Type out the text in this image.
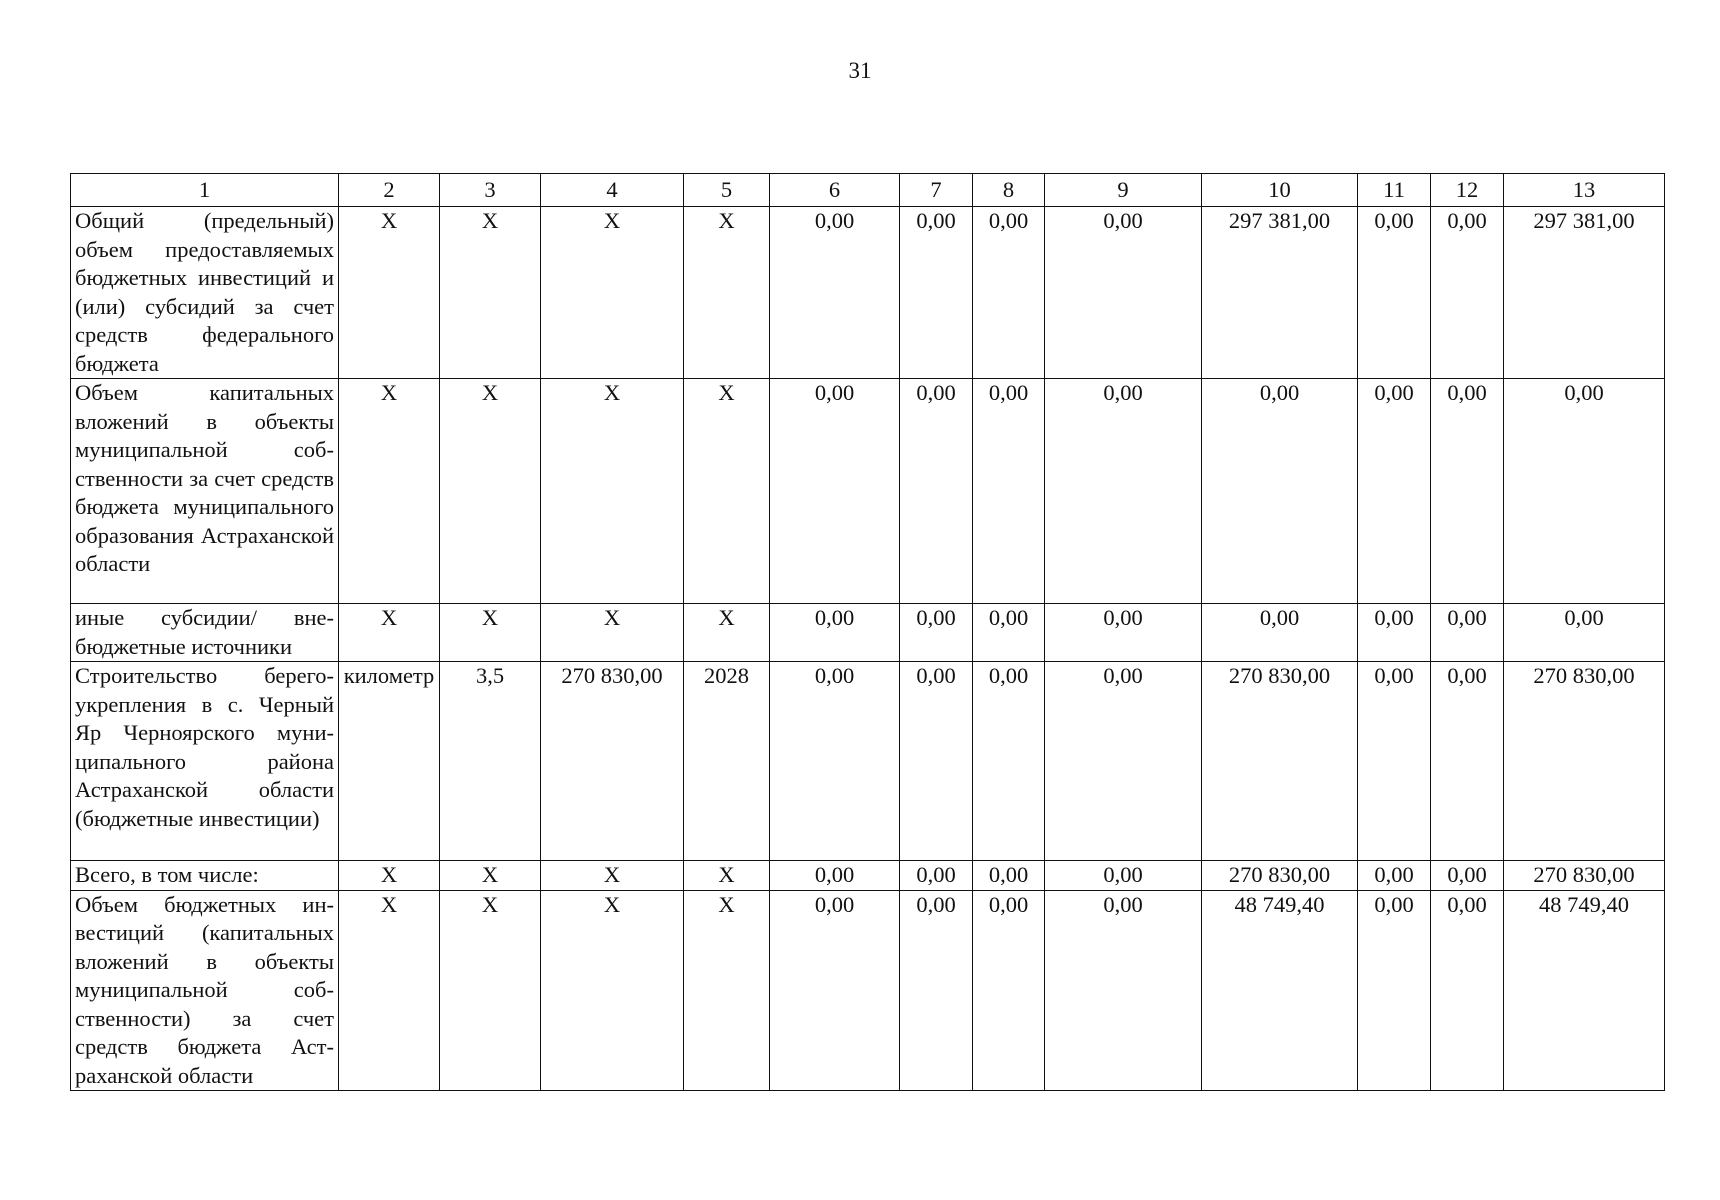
31
1	2	3	4	5	6	7	8	9	10	11	12	13
Общий (предельный) объем предоставляемых бюджетных инвестиций и (или) субсидий за счет средств федерального бюджета	X	X	X	X	0,00	0,00	0,00	0,00	297 381,00	0,00	0,00	297 381,00
Объем капитальных вложений в объекты муниципальной собственности за счет средств бюджета муниципального образования Астраханской области	X	X	X	X	0,00	0,00	0,00	0,00	0,00	0,00	0,00	0,00
иные субсидии/ внебюджетные источники	X	X	X	X	0,00	0,00	0,00	0,00	0,00	0,00	0,00	0,00
Строительство берегоукрепления в с. Черный Яр Черноярского муниципального района Астраханской области (бюджетные инвестиции)	километр	3,5	270 830,00	2028	0,00	0,00	0,00	0,00	270 830,00	0,00	0,00	270 830,00
Всего, в том числе:	X	X	X	X	0,00	0,00	0,00	0,00	270 830,00	0,00	0,00	270 830,00
Объем бюджетных инвестиций (капитальных вложений в объекты муниципальной собственности) за счет средств бюджета Астраханской области	X	X	X	X	0,00	0,00	0,00	0,00	48 749,40	0,00	0,00	48 749,40
